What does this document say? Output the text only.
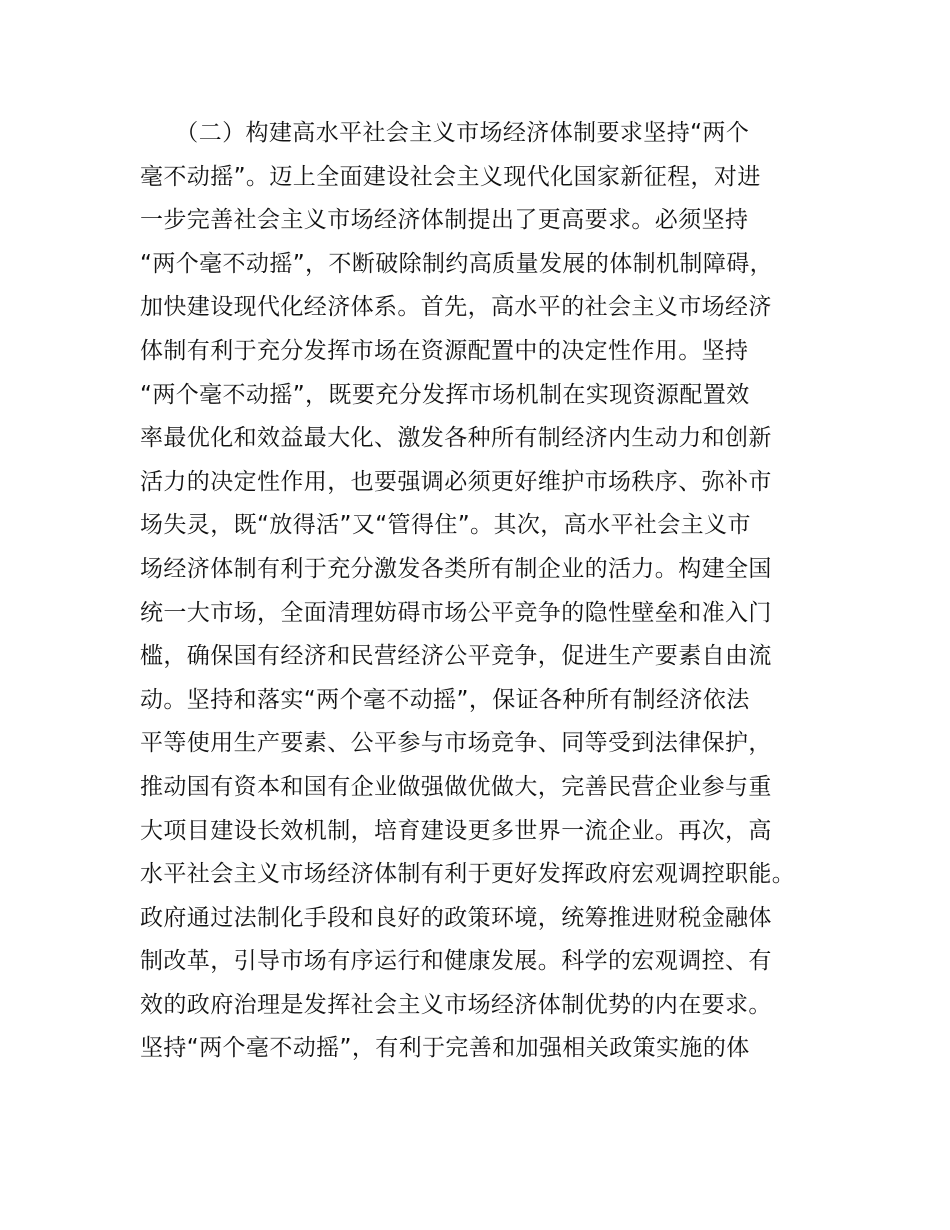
　　（二）构建高水平社会主义市场经济体制要求坚持“两个
毫不动摇”。迈上全面建设社会主义现代化国家新征程，对进
一步完善社会主义市场经济体制提出了更高要求。必须坚持
“两个毫不动摇”，不断破除制约高质量发展的体制机制障碍，
加快建设现代化经济体系。首先，高水平的社会主义市场经济
体制有利于充分发挥市场在资源配置中的决定性作用。坚持
“两个毫不动摇”，既要充分发挥市场机制在实现资源配置效
率最优化和效益最大化、激发各种所有制经济内生动力和创新
活力的决定性作用，也要强调必须更好维护市场秩序、弥补市
场失灵，既“放得活”又“管得住”。其次，高水平社会主义市
场经济体制有利于充分激发各类所有制企业的活力。构建全国
统一大市场，全面清理妨碍市场公平竞争的隐性壁垒和准入门
槛，确保国有经济和民营经济公平竞争，促进生产要素自由流
动。坚持和落实“两个毫不动摇”，保证各种所有制经济依法
平等使用生产要素、公平参与市场竞争、同等受到法律保护，
推动国有资本和国有企业做强做优做大，完善民营企业参与重
大项目建设长效机制，培育建设更多世界一流企业。再次，高
水平社会主义市场经济体制有利于更好发挥政府宏观调控职能。
政府通过法制化手段和良好的政策环境，统筹推进财税金融体
制改革，引导市场有序运行和健康发展。科学的宏观调控、有
效的政府治理是发挥社会主义市场经济体制优势的内在要求。
坚持“两个毫不动摇”，有利于完善和加强相关政策实施的体
